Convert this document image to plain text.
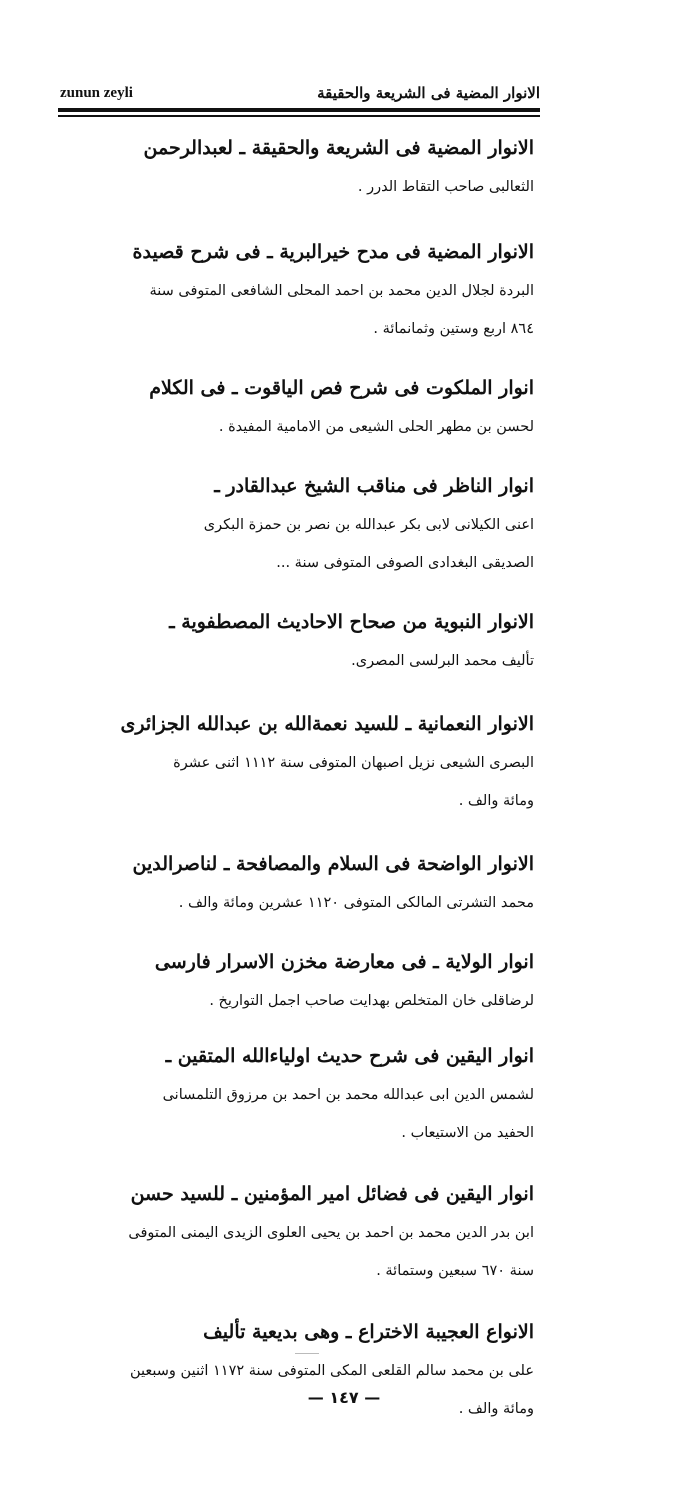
zunun zeyli	الانوار المضية فى الشريعة والحقيقة

الانوار المضية فى الشريعة والحقيقة ـ لعبدالرحمن

الثعالبى صاحب التقاط الدرر .

الانوار المضية فى مدح خيرالبرية ـ فى شرح قصيدة

البردة لجلال الدين محمد بن احمد المحلى الشافعى المتوفى سنة

٨٦٤ اربع وستين وثمانمائة .

انوار الملكوت فى شرح فص الياقوت ـ فى الكلام

لحسن بن مطهر الحلى الشيعى من الامامية المفيدة .

انوار الناظر فى مناقب الشيخ عبدالقادر ـ

اعنى الكيلانى لابى بكر عبدالله بن نصر بن حمزة البكرى

الصديقى البغدادى الصوفى المتوفى سنة ...

الانوار النبوية من صحاح الاحاديث المصطفوية ـ

تأليف محمد البرلسى المصرى.

الانوار النعمانية ـ للسيد نعمةالله بن عبدالله الجزائرى

البصرى الشيعى نزيل اصبهان المتوفى سنة ١١١٢ اثنى عشرة

ومائة والف .

الانوار الواضحة فى السلام والمصافحة ـ لناصرالدين

محمد التشرتى المالكى المتوفى ١١٢٠ عشرين ومائة والف .

انوار الولاية ـ فى معارضة مخزن الاسرار فارسى

لرضاقلى خان المتخلص بهدايت صاحب اجمل التواريخ .

انوار اليقين فى شرح حديث اولياءالله المتقين ـ

لشمس الدين ابى عبدالله محمد بن احمد بن مرزوق التلمسانى

الحفيد من الاستيعاب .

انوار اليقين فى فضائل امير المؤمنين ـ للسيد حسن

ابن بدر الدين محمد بن احمد بن يحيى العلوى الزيدى اليمنى المتوفى

سنة ٦٧٠ سبعين وستمائة .

الانواع العجيبة الاختراع ـ وهى بديعية تأليف

على بن محمد سالم القلعى المكى المتوفى سنة ١١٧٢ اثنين وسبعين

ومائة والف .

— ١٤٧ —
